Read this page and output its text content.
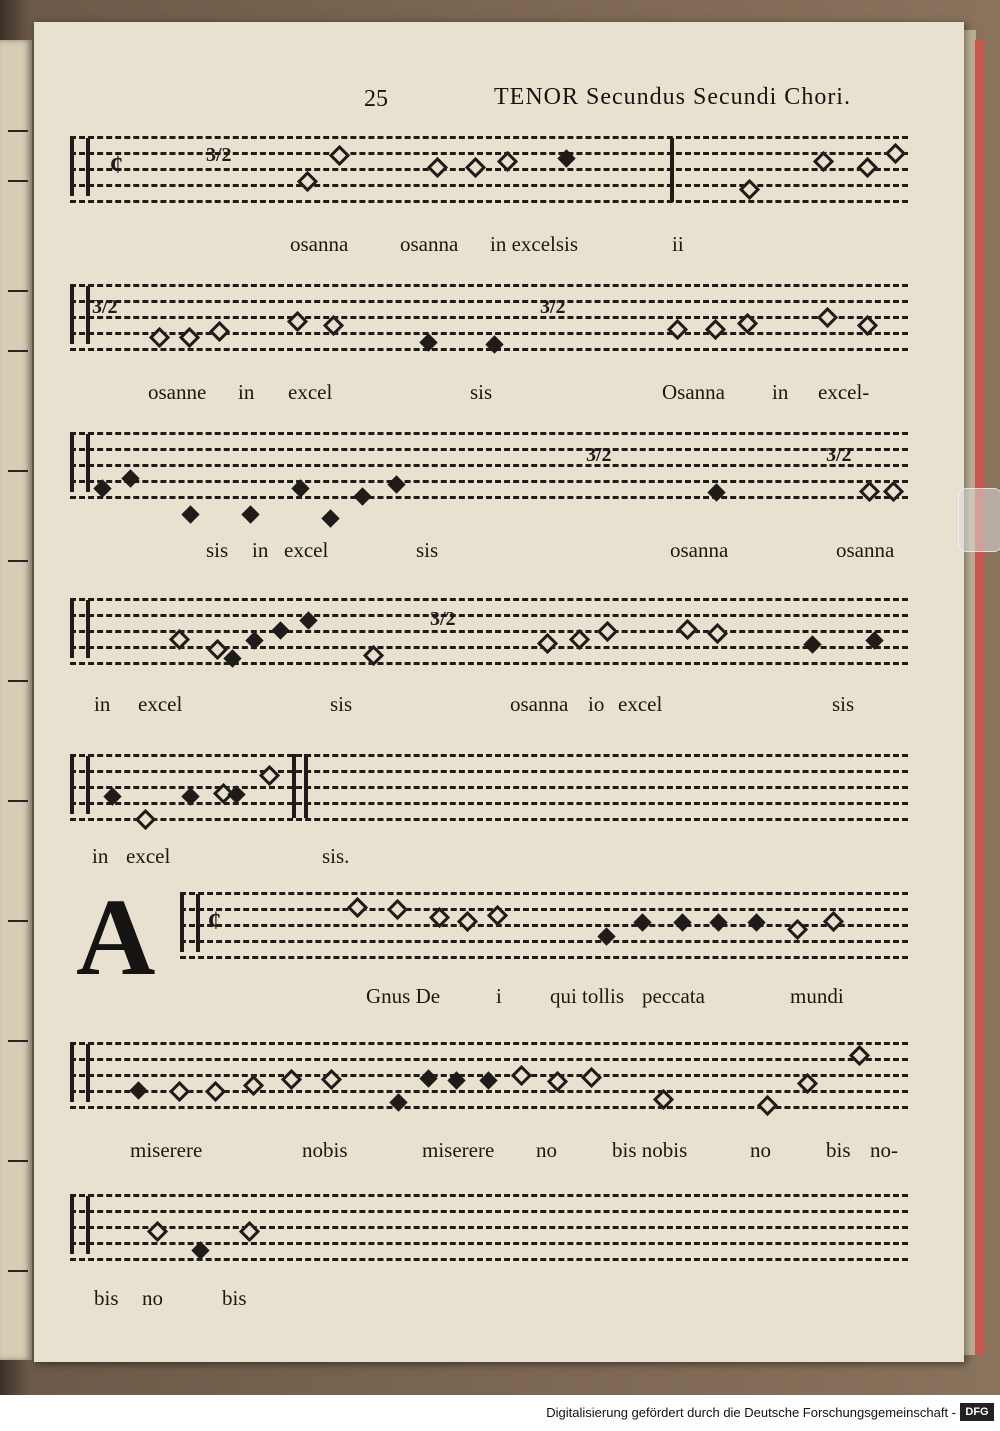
25	TENOR Secundus Secundi Chori.
¢	3/2
osanna osanna in excelsis	ii
3/2	3/2
osanne in excel	sis	Osanna in excel-
3/2	3/2
sis in excel	sis	osanna	osanna
3/2
in excel	sis	osanna io excel	sis
in excel	sis.
A ¢
Gnus De	i qui tollis peccata	mundi
miserere	nobis	miserere no	bis nobis	no	bis no-
bis no	bis
Digitalisierung gefördert durch die Deutsche Forschungsgemeinschaft - DFG
